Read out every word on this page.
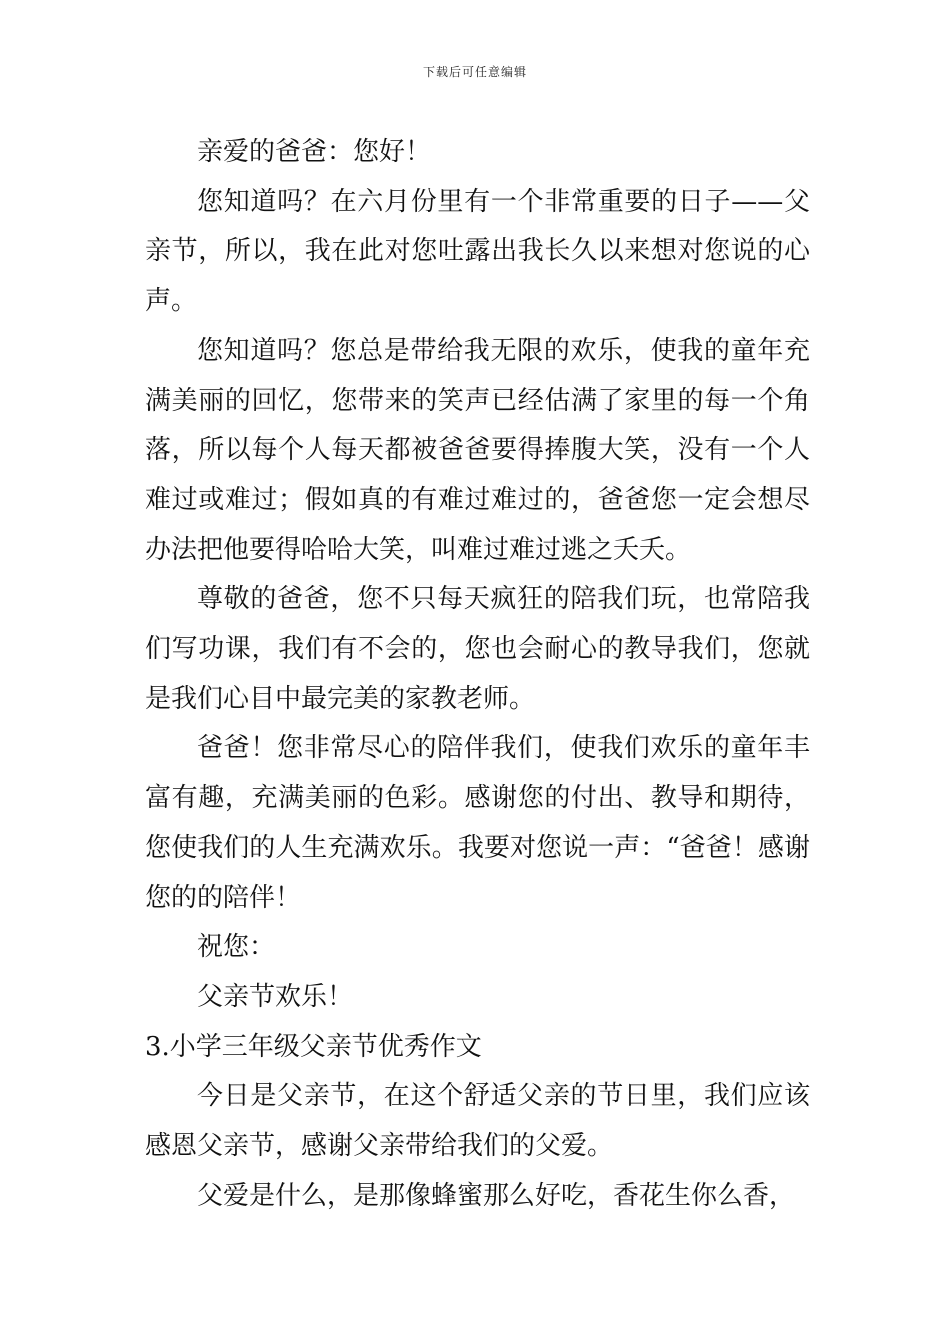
下载后可任意编辑

亲爱的爸爸：您好！

您知道吗？在六月份里有一个非常重要的日子——父亲节，所以，我在此对您吐露出我长久以来想对您说的心声。

您知道吗？您总是带给我无限的欢乐，使我的童年充满美丽的回忆，您带来的笑声已经估满了家里的每一个角落，所以每个人每天都被爸爸要得捧腹大笑，没有一个人难过或难过；假如真的有难过难过的，爸爸您一定会想尽办法把他要得哈哈大笑，叫难过难过逃之夭夭。

尊敬的爸爸，您不只每天疯狂的陪我们玩，也常陪我们写功课，我们有不会的，您也会耐心的教导我们，您就是我们心目中最完美的家教老师。

爸爸！您非常尽心的陪伴我们，使我们欢乐的童年丰富有趣，充满美丽的色彩。感谢您的付出、教导和期待，您使我们的人生充满欢乐。我要对您说一声：“爸爸！感谢您的的陪伴！

祝您：

父亲节欢乐！

3.小学三年级父亲节优秀作文

今日是父亲节，在这个舒适父亲的节日里，我们应该感恩父亲节，感谢父亲带给我们的父爱。

父爱是什么，是那像蜂蜜那么好吃，香花生你么香，
